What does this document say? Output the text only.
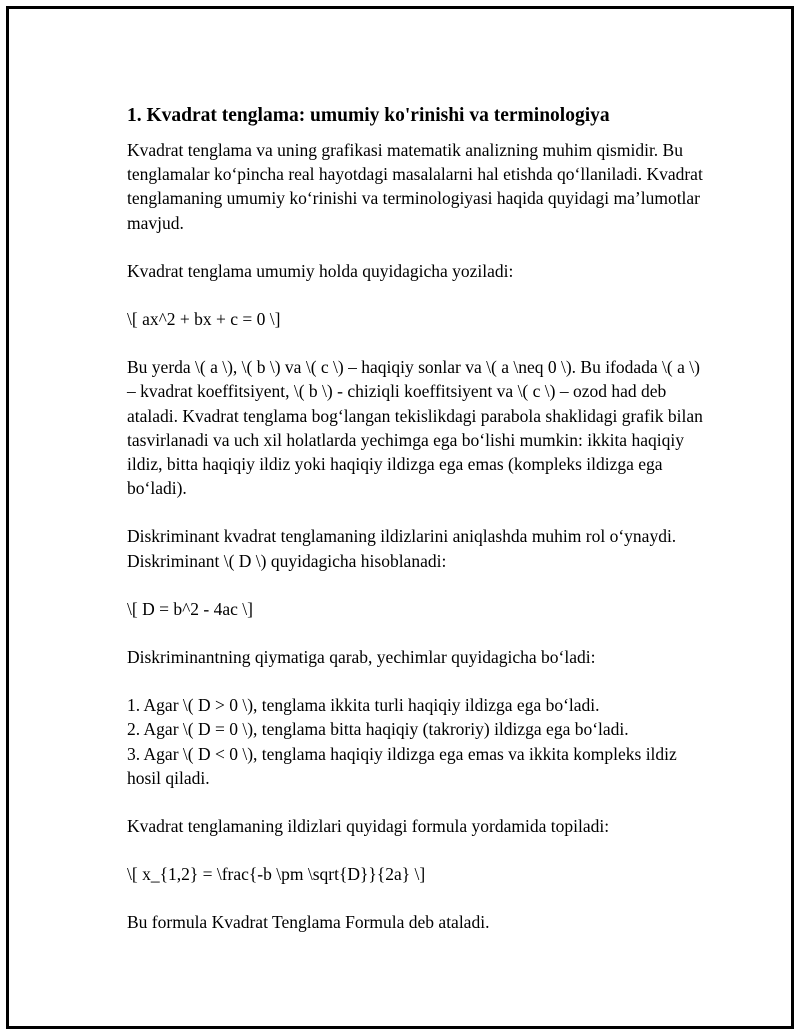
1. Kvadrat tenglama: umumiy ko'rinishi va terminologiya

Kvadrat tenglama va uning grafikasi matematik analizning muhim qismidir. Bu tenglamalar ko‘pincha real hayotdagi masalalarni hal etishda qo‘llaniladi. Kvadrat tenglamaning umumiy ko‘rinishi va terminologiyasi haqida quyidagi ma’lumotlar mavjud.

Kvadrat tenglama umumiy holda quyidagicha yoziladi:

\[ ax^2 + bx + c = 0 \]

Bu yerda \( a \), \( b \) va \( c \) – haqiqiy sonlar va \( a \neq 0 \). Bu ifodada \( a \) – kvadrat koeffitsiyent, \( b \) - chiziqli koeffitsiyent va \( c \) – ozod had deb ataladi. Kvadrat tenglama bog‘langan tekislikdagi parabola shaklidagi grafik bilan tasvirlanadi va uch xil holatlarda yechimga ega bo‘lishi mumkin: ikkita haqiqiy ildiz, bitta haqiqiy ildiz yoki haqiqiy ildizga ega emas (kompleks ildizga ega bo‘ladi).

Diskriminant kvadrat tenglamaning ildizlarini aniqlashda muhim rol o‘ynaydi. Diskriminant \( D \) quyidagicha hisoblanadi:

\[ D = b^2 - 4ac \]

Diskriminantning qiymatiga qarab, yechimlar quyidagicha bo‘ladi:

1. Agar \( D > 0 \), tenglama ikkita turli haqiqiy ildizga ega bo‘ladi.
2. Agar \( D = 0 \), tenglama bitta haqiqiy (takroriy) ildizga ega bo‘ladi.
3. Agar \( D < 0 \), tenglama haqiqiy ildizga ega emas va ikkita kompleks ildiz hosil qiladi.

Kvadrat tenglamaning ildizlari quyidagi formula yordamida topiladi:

\[ x_{1,2} = \frac{-b \pm \sqrt{D}}{2a} \]

Bu formula Kvadrat Tenglama Formula deb ataladi.
